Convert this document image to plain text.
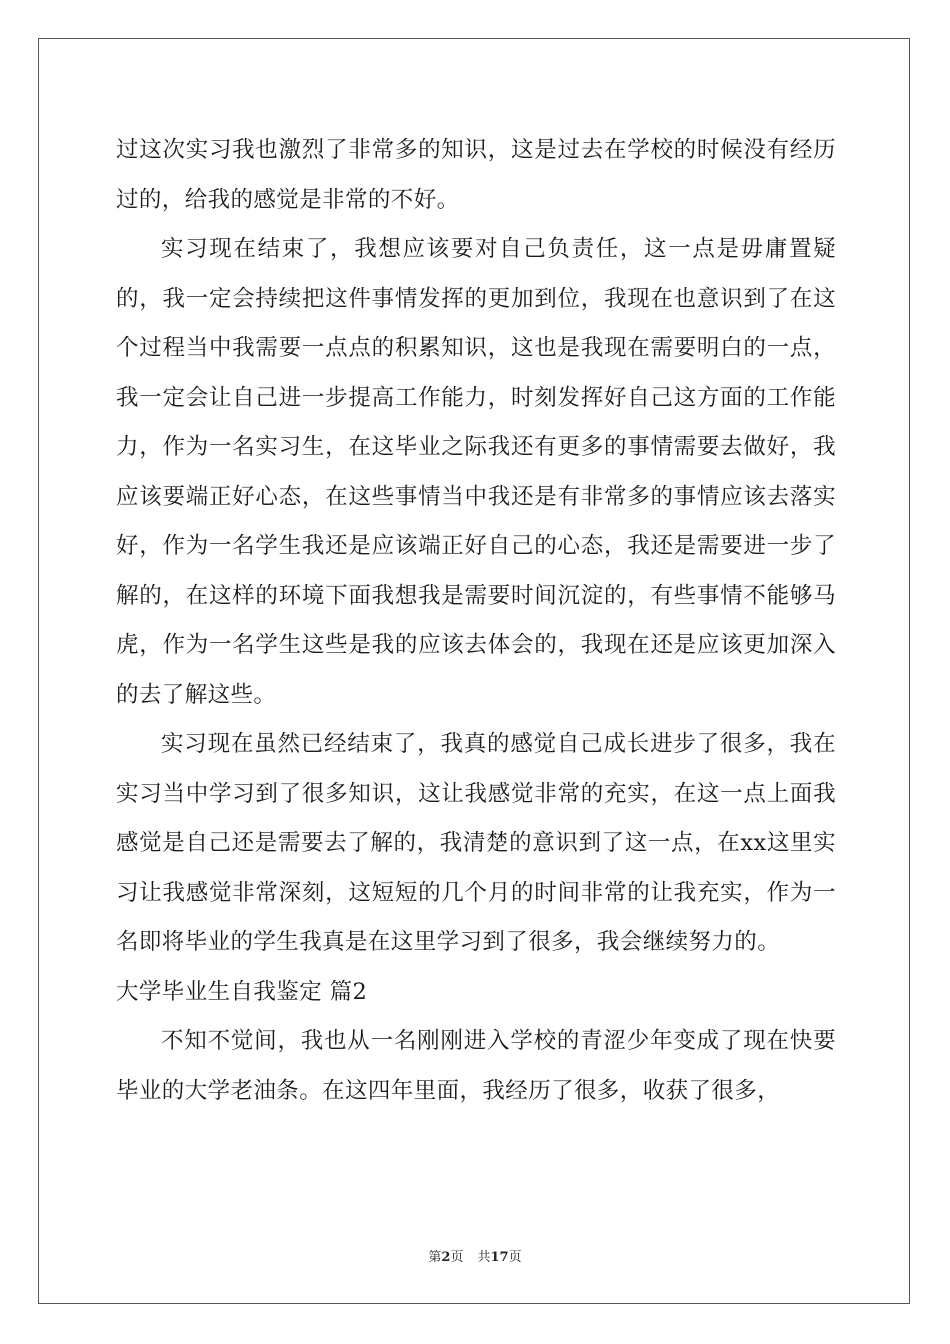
过这次实习我也激烈了非常多的知识，这是过去在学校的时候没有经历过的，给我的感觉是非常的不好。

实习现在结束了，我想应该要对自己负责任，这一点是毋庸置疑的，我一定会持续把这件事情发挥的更加到位，我现在也意识到了在这个过程当中我需要一点点的积累知识，这也是我现在需要明白的一点，我一定会让自己进一步提高工作能力，时刻发挥好自己这方面的工作能力，作为一名实习生，在这毕业之际我还有更多的事情需要去做好，我应该要端正好心态，在这些事情当中我还是有非常多的事情应该去落实好，作为一名学生我还是应该端正好自己的心态，我还是需要进一步了解的，在这样的环境下面我想我是需要时间沉淀的，有些事情不能够马虎，作为一名学生这些是我的应该去体会的，我现在还是应该更加深入的去了解这些。

实习现在虽然已经结束了，我真的感觉自己成长进步了很多，我在实习当中学习到了很多知识，这让我感觉非常的充实，在这一点上面我感觉是自己还是需要去了解的，我清楚的意识到了这一点，在xx这里实习让我感觉非常深刻，这短短的几个月的时间非常的让我充实，作为一名即将毕业的学生我真是在这里学习到了很多，我会继续努力的。

大学毕业生自我鉴定 篇2

不知不觉间，我也从一名刚刚进入学校的青涩少年变成了现在快要毕业的大学老油条。在这四年里面，我经历了很多，收获了很多，

第2页 共17页
